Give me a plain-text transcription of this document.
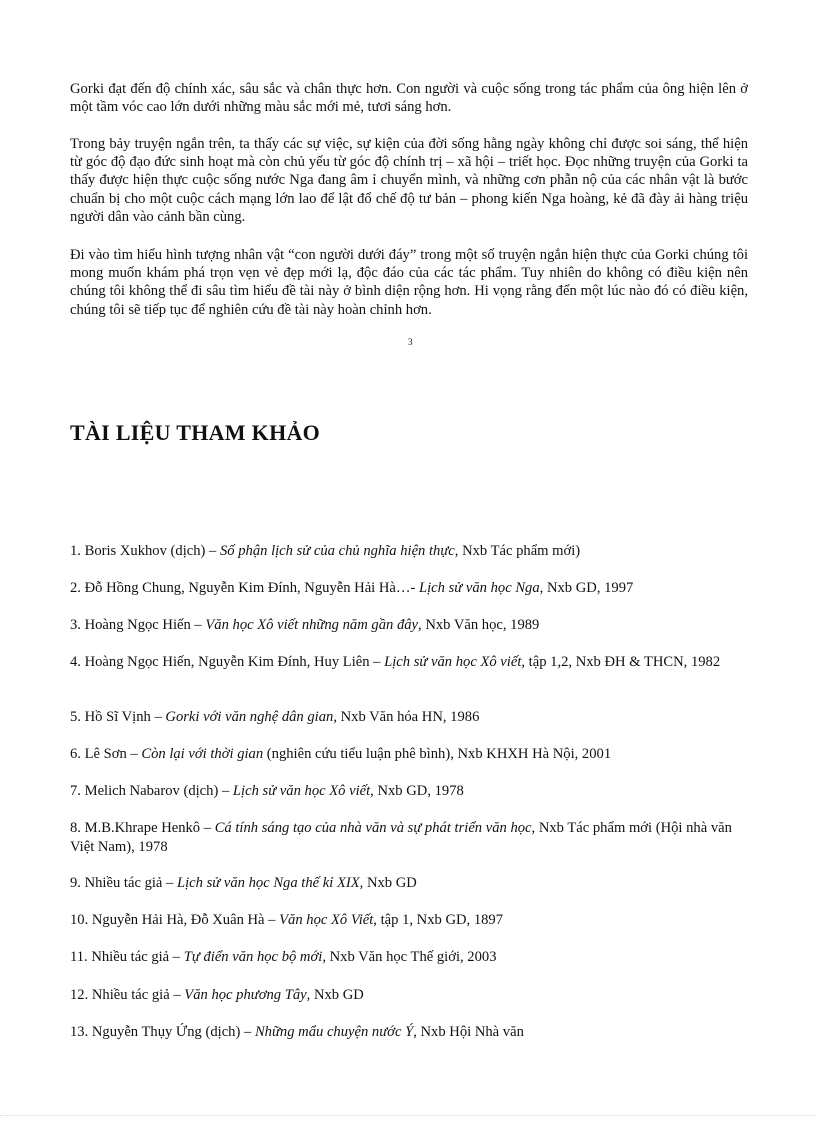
Gorki đạt đến độ chính xác, sâu sắc và chân thực hơn. Con người và cuộc sống trong tác phẩm của ông hiện lên ở một tầm vóc cao lớn dưới những màu sắc mới mẻ, tươi sáng hơn.

Trong bảy truyện ngắn trên, ta thấy các sự việc, sự kiện của đời sống hằng ngày không chỉ được soi sáng, thể hiện từ góc độ đạo đức sinh hoạt mà còn chủ yếu từ góc độ chính trị – xã hội – triết học. Đọc những truyện của Gorki ta thấy được hiện thực cuộc sống nước Nga đang âm ỉ chuyển mình, và những cơn phẫn nộ của các nhân vật là bước chuẩn bị cho một cuộc cách mạng lớn lao để lật đổ chế độ tư bản – phong kiến Nga hoàng, kẻ đã đày ải hàng triệu người dân vào cảnh bần cùng.

Đi vào tìm hiểu hình tượng nhân vật “con người dưới đáy” trong một số truyện ngắn hiện thực của Gorki chúng tôi mong muốn khám phá trọn vẹn vẻ đẹp mới lạ, độc đáo của các tác phẩm. Tuy nhiên do không có điều kiện nên chúng tôi không thể đi sâu tìm hiểu đề tài này ở bình diện rộng hơn. Hi vọng rằng đến một lúc nào đó có điều kiện, chúng tôi sẽ tiếp tục để nghiên cứu đề tài này hoàn chỉnh hơn.

3
TÀI LIỆU THAM KHẢO

1. Boris Xukhov (dịch) – Số phận lịch sử của chủ nghĩa hiện thực, Nxb Tác phẩm mới)

2. Đỗ Hồng Chung, Nguyễn Kim Đính, Nguyễn Hải Hà…- Lịch sử văn học Nga, Nxb GD, 1997

3. Hoàng Ngọc Hiến – Văn học Xô viết những năm gần đây, Nxb Văn học, 1989

4. Hoàng Ngọc Hiến, Nguyễn Kim Đính, Huy Liên – Lịch sử văn học Xô viết, tập 1,2, Nxb ĐH & THCN, 1982

5. Hồ Sĩ Vịnh – Gorki với văn nghệ dân gian, Nxb Văn hóa HN, 1986

6. Lê Sơn – Còn lại với thời gian (nghiên cứu tiểu luận phê bình), Nxb KHXH Hà Nội, 2001

7. Melich Nabarov (dịch) – Lịch sử văn học Xô viết, Nxb GD, 1978

8. M.B.Khrape Henkô – Cá tính sáng tạo của nhà văn và sự phát triển văn học, Nxb Tác phẩm mới (Hội nhà văn Việt Nam), 1978

9. Nhiều tác giả – Lịch sử văn học Nga thế kỉ XIX, Nxb GD

10. Nguyễn Hải Hà, Đỗ Xuân Hà – Văn học Xô Viết, tập 1, Nxb GD, 1897

11. Nhiều tác giả – Tự điển văn học bộ mới, Nxb Văn học Thế giới, 2003

12. Nhiều tác giả – Văn học phương Tây, Nxb GD

13. Nguyễn Thụy Ứng (dịch) – Những mẩu chuyện nước Ý, Nxb Hội Nhà văn
